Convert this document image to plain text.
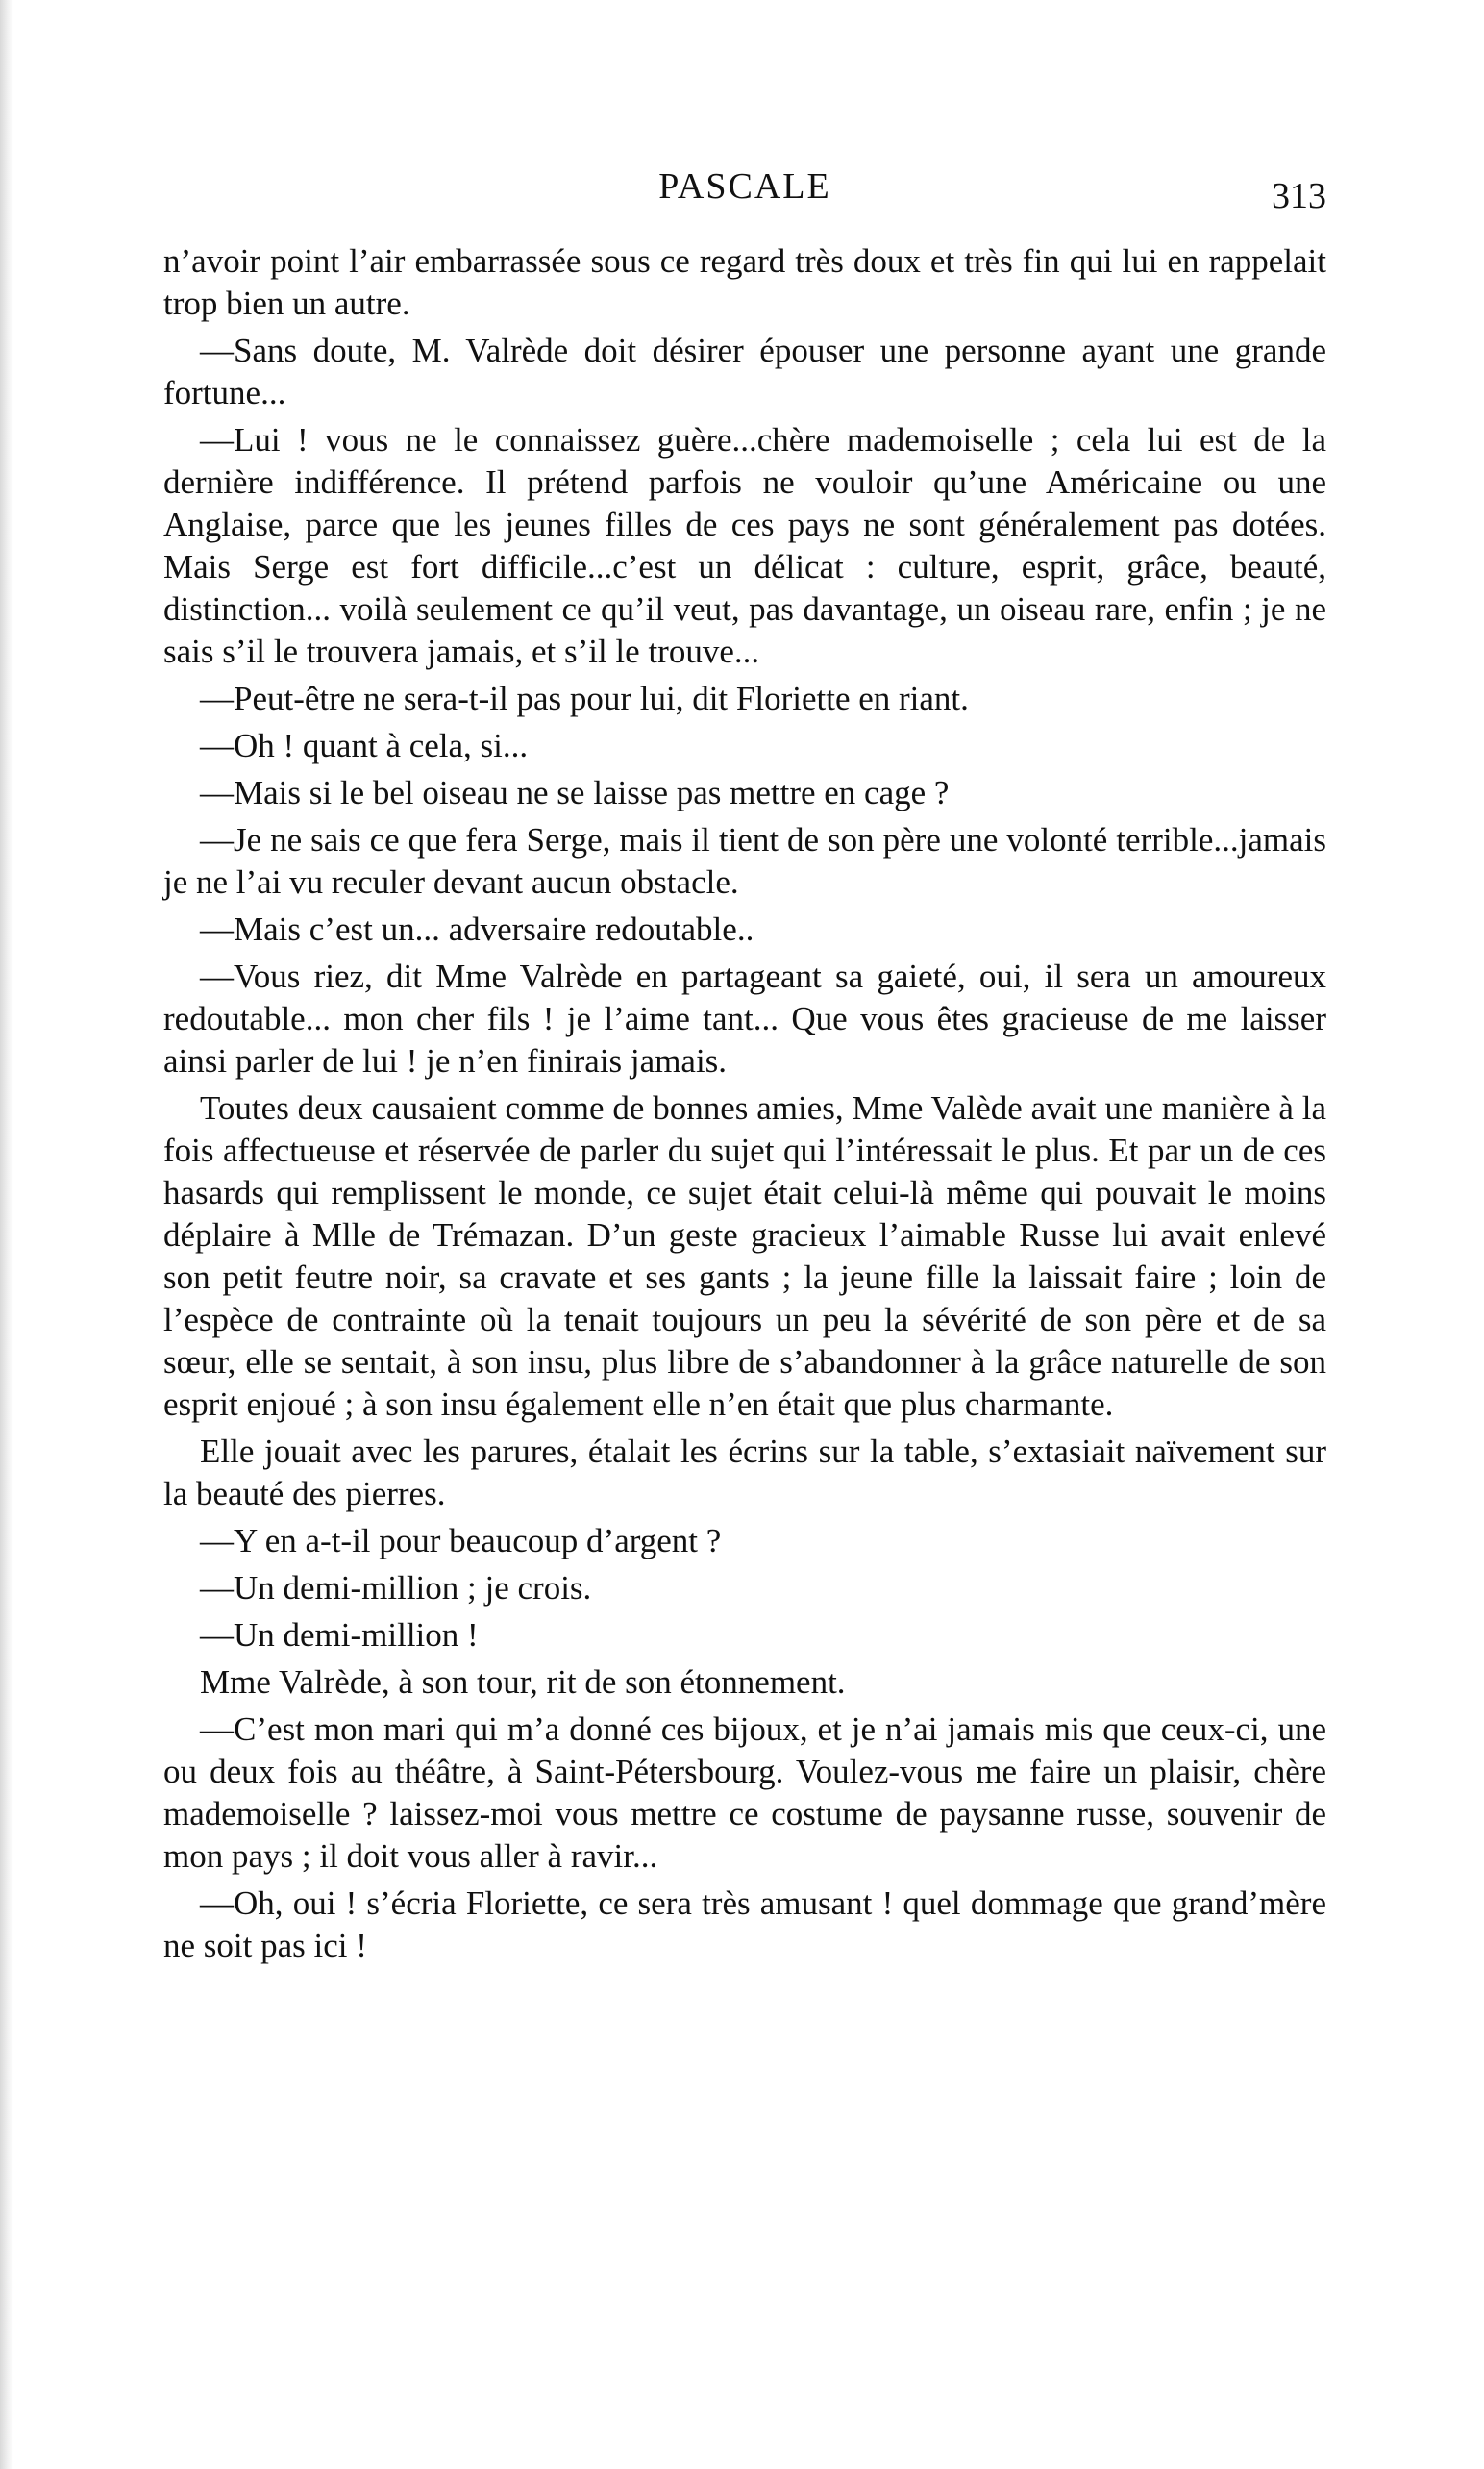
PASCALE	313

n’avoir point l’air embarrassée sous ce regard très doux et très fin qui lui en rappelait trop bien un autre.

—Sans doute, M. Valrède doit désirer épouser une personne ayant une grande fortune...

—Lui ! vous ne le connaissez guère...chère mademoiselle ; cela lui est de la dernière indifférence. Il prétend parfois ne vouloir qu’une Américaine ou une Anglaise, parce que les jeunes filles de ces pays ne sont généralement pas dotées. Mais Serge est fort difficile...c’est un délicat : culture, esprit, grâce, beauté, distinction... voilà seulement ce qu’il veut, pas davantage, un oiseau rare, enfin ; je ne sais s’il le trouvera jamais, et s’il le trouve...

—Peut-être ne sera-t-il pas pour lui, dit Floriette en riant.

—Oh ! quant à cela, si...

—Mais si le bel oiseau ne se laisse pas mettre en cage ?

—Je ne sais ce que fera Serge, mais il tient de son père une volonté terrible...jamais je ne l’ai vu reculer devant aucun obstacle.

—Mais c’est un... adversaire redoutable..

—Vous riez, dit Mme Valrède en partageant sa gaieté, oui, il sera un amoureux redoutable... mon cher fils ! je l’aime tant... Que vous êtes gracieuse de me laisser ainsi parler de lui ! je n’en finirais jamais.

Toutes deux causaient comme de bonnes amies, Mme Valède avait une manière à la fois affectueuse et réservée de parler du sujet qui l’intéressait le plus. Et par un de ces hasards qui remplissent le monde, ce sujet était celui-là même qui pouvait le moins déplaire à Mlle de Trémazan. D’un geste gracieux l’aimable Russe lui avait enlevé son petit feutre noir, sa cravate et ses gants ; la jeune fille la laissait faire ; loin de l’espèce de contrainte où la tenait toujours un peu la sévérité de son père et de sa sœur, elle se sentait, à son insu, plus libre de s’abandonner à la grâce naturelle de son esprit enjoué ; à son insu également elle n’en était que plus charmante.

Elle jouait avec les parures, étalait les écrins sur la table, s’extasiait naïvement sur la beauté des pierres.

—Y en a-t-il pour beaucoup d’argent ?

—Un demi-million ; je crois.

—Un demi-million !

Mme Valrède, à son tour, rit de son étonnement.

—C’est mon mari qui m’a donné ces bijoux, et je n’ai jamais mis que ceux-ci, une ou deux fois au théâtre, à Saint-Pétersbourg. Voulez-vous me faire un plaisir, chère mademoiselle ? laissez-moi vous mettre ce costume de paysanne russe, souvenir de mon pays ; il doit vous aller à ravir...

—Oh, oui ! s’écria Floriette, ce sera très amusant ! quel dommage que grand’mère ne soit pas ici !
